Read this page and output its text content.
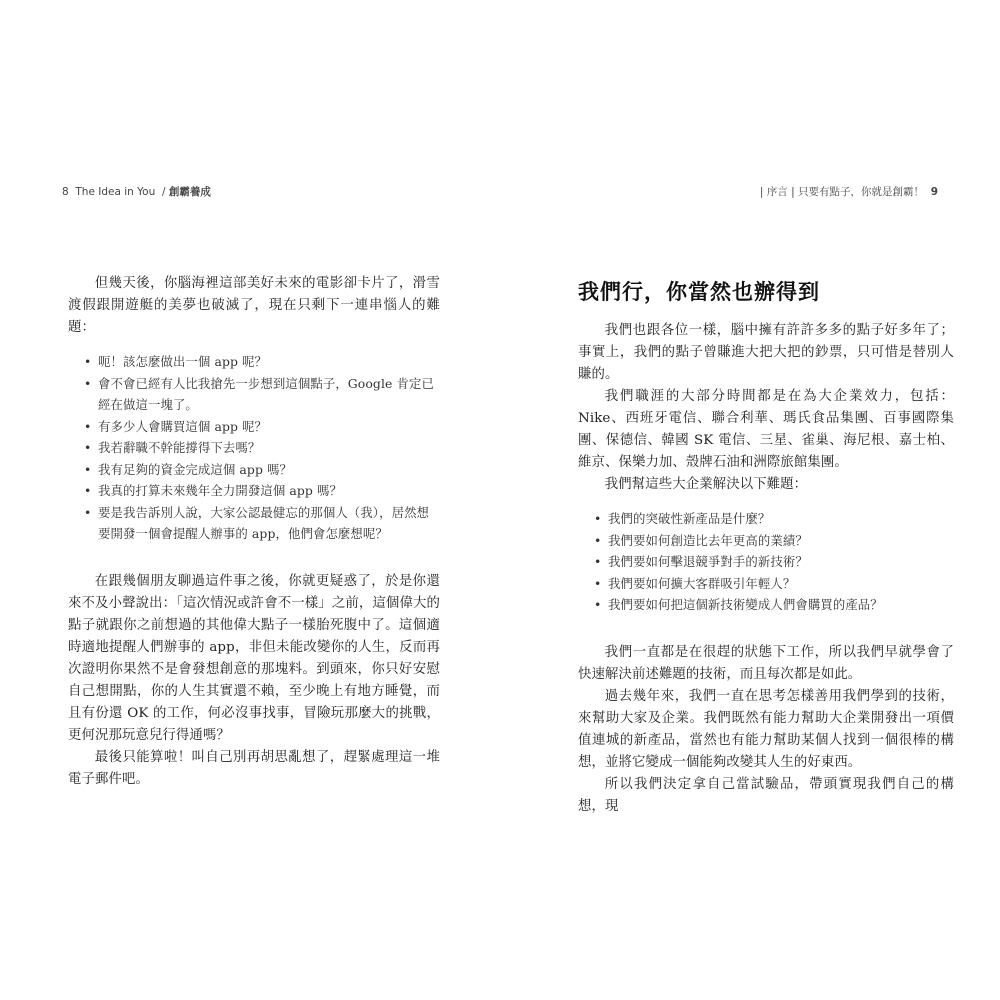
8 The Idea in You / 創霸養成

但幾天後，你腦海裡這部美好未來的電影卻卡片了，滑雪渡假跟開遊艇的美夢也破滅了，現在只剩下一連串惱人的難題：

• 呃！該怎麼做出一個 app 呢？
• 會不會已經有人比我搶先一步想到這個點子，Google 肯定已經在做這一塊了。
• 有多少人會購買這個 app 呢？
• 我若辭職不幹能撐得下去嗎？
• 我有足夠的資金完成這個 app 嗎？
• 我真的打算未來幾年全力開發這個 app 嗎？
• 要是我告訴別人說，大家公認最健忘的那個人（我），居然想要開發一個會提醒人辦事的 app，他們會怎麼想呢？

在跟幾個朋友聊過這件事之後，你就更疑惑了，於是你還來不及小聲說出：「這次情況或許會不一樣」之前，這個偉大的點子就跟你之前想過的其他偉大點子一樣胎死腹中了。這個適時適地提醒人們辦事的 app，非但未能改變你的人生，反而再次證明你果然不是會發想創意的那塊料。到頭來，你只好安慰自己想開點，你的人生其實還不賴，至少晚上有地方睡覺，而且有份還 OK 的工作，何必沒事找事，冒險玩那麼大的挑戰，更何況那玩意兒行得通嗎？

最後只能算啦！叫自己別再胡思亂想了，趕緊處理這一堆電子郵件吧。

| 序言 | 只要有點子，你就是創霸！ 9
我們行，你當然也辦得到

我們也跟各位一樣，腦中擁有許許多多的點子好多年了；事實上，我們的點子曾賺進大把大把的鈔票，只可惜是替別人賺的。

我們職涯的大部分時間都是在為大企業效力，包括：Nike、西班牙電信、聯合利華、瑪氏食品集團、百事國際集團、保德信、韓國 SK 電信、三星、雀巢、海尼根、嘉士柏、維京、保樂力加、殼牌石油和洲際旅館集團。

我們幫這些大企業解決以下難題：

• 我們的突破性新產品是什麼？
• 我們要如何創造比去年更高的業績？
• 我們要如何擊退競爭對手的新技術？
• 我們要如何擴大客群吸引年輕人？
• 我們要如何把這個新技術變成人們會購買的產品？

我們一直都是在很趕的狀態下工作，所以我們早就學會了快速解決前述難題的技術，而且每次都是如此。

過去幾年來，我們一直在思考怎樣善用我們學到的技術，來幫助大家及企業。我們既然有能力幫助大企業開發出一項價值連城的新產品，當然也有能力幫助某個人找到一個很棒的構想，並將它變成一個能夠改變其人生的好東西。

所以我們決定拿自己當試驗品，帶頭實現我們自己的構想，現
